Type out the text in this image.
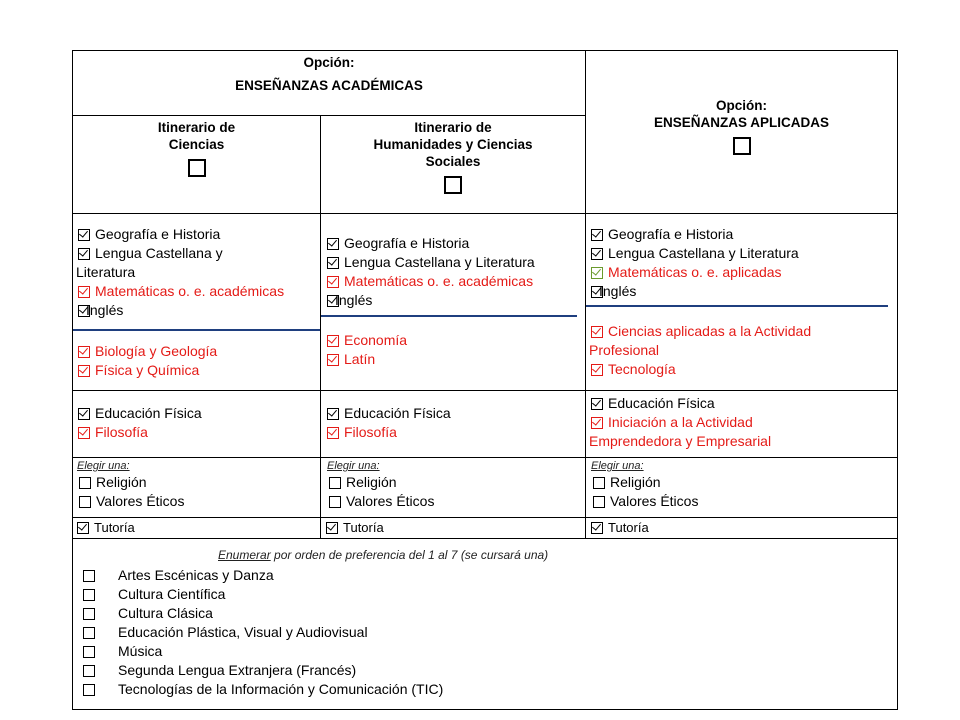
Opción:
ENSEÑANZAS ACADÉMICAS
Opción:
ENSEÑANZAS APLICADAS
Itinerario de
Ciencias
Itinerario de
Humanidades y Ciencias
Sociales
Geografía e Historia
Lengua Castellana y
Literatura
Matemáticas o. e. académicas
Inglés
Biología y Geología
Física y Química
Geografía e Historia
Lengua Castellana y Literatura
Matemáticas o. e. académicas
Inglés
Economía
Latín
Geografía e Historia
Lengua Castellana y Literatura
Matemáticas o. e. aplicadas
Inglés
Ciencias aplicadas a la Actividad
Profesional
Tecnología
Educación Física
Filosofía
Educación Física
Filosofía
Educación Física
Iniciación a la Actividad
Emprendedora y Empresarial
Elegir una:
Religión
Valores Éticos
Elegir una:
Religión
Valores Éticos
Elegir una:
Religión
Valores Éticos
Tutoría	Tutoría	Tutoría
Enumerar por orden de preferencia del 1 al 7 (se cursará una)
Artes Escénicas y Danza
Cultura Científica
Cultura Clásica
Educación Plástica, Visual y Audiovisual
Música
Segunda Lengua Extranjera (Francés)
Tecnologías de la Información y Comunicación (TIC)
